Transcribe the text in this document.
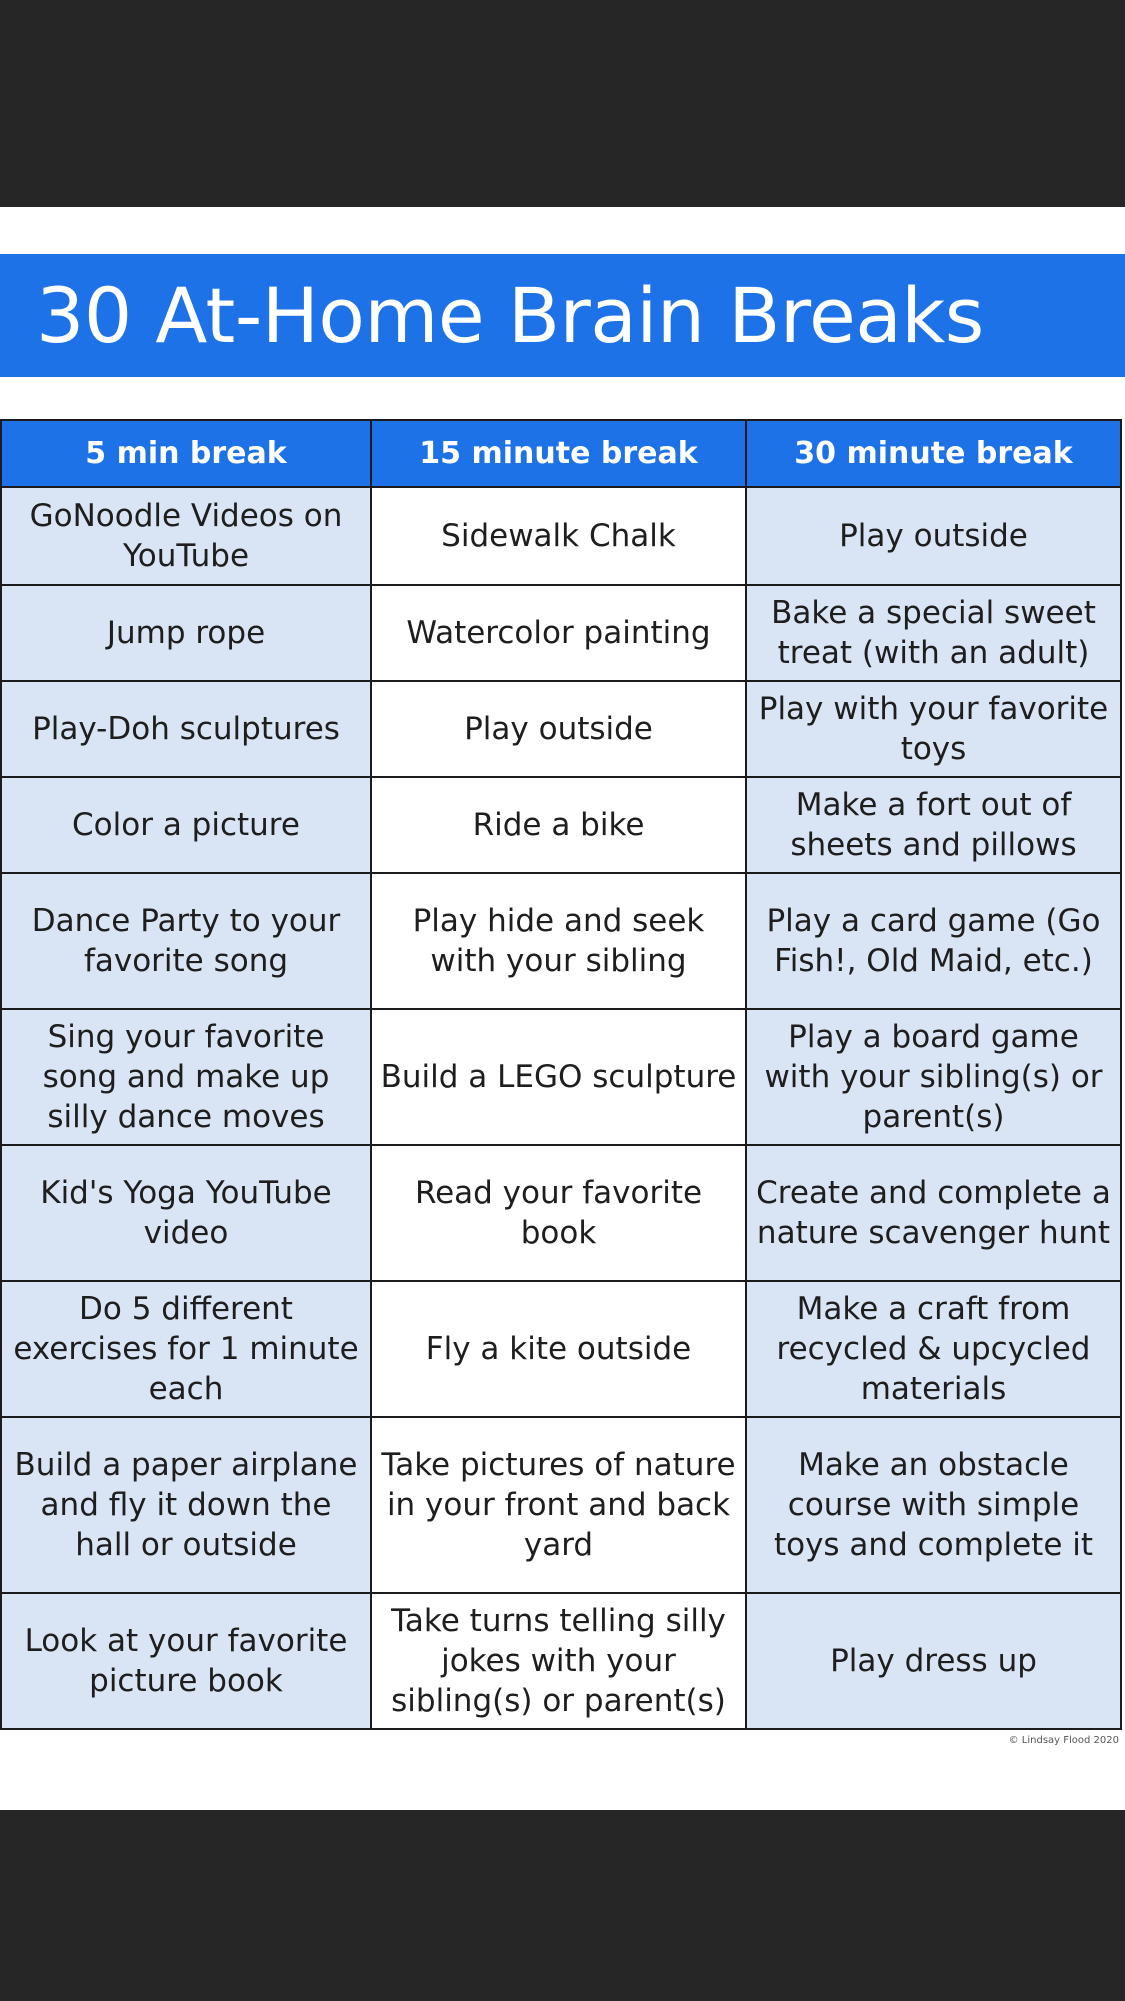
30 At-Home Brain Breaks
5 min break	15 minute break	30 minute break
GoNoodle Videos on YouTube	Sidewalk Chalk	Play outside
Jump rope	Watercolor painting	Bake a special sweet treat (with an adult)
Play-Doh sculptures	Play outside	Play with your favorite toys
Color a picture	Ride a bike	Make a fort out of sheets and pillows
Dance Party to your favorite song	Play hide and seek with your sibling	Play a card game (Go Fish!, Old Maid, etc.)
Sing your favorite song and make up silly dance moves	Build a LEGO sculpture	Play a board game with your sibling(s) or parent(s)
Kid's Yoga YouTube video	Read your favorite book	Create and complete a nature scavenger hunt
Do 5 different exercises for 1 minute each	Fly a kite outside	Make a craft from recycled & upcycled materials
Build a paper airplane and fly it down the hall or outside	Take pictures of nature in your front and back yard	Make an obstacle course with simple toys and complete it
Look at your favorite picture book	Take turns telling silly jokes with your sibling(s) or parent(s)	Play dress up
© Lindsay Flood 2020
